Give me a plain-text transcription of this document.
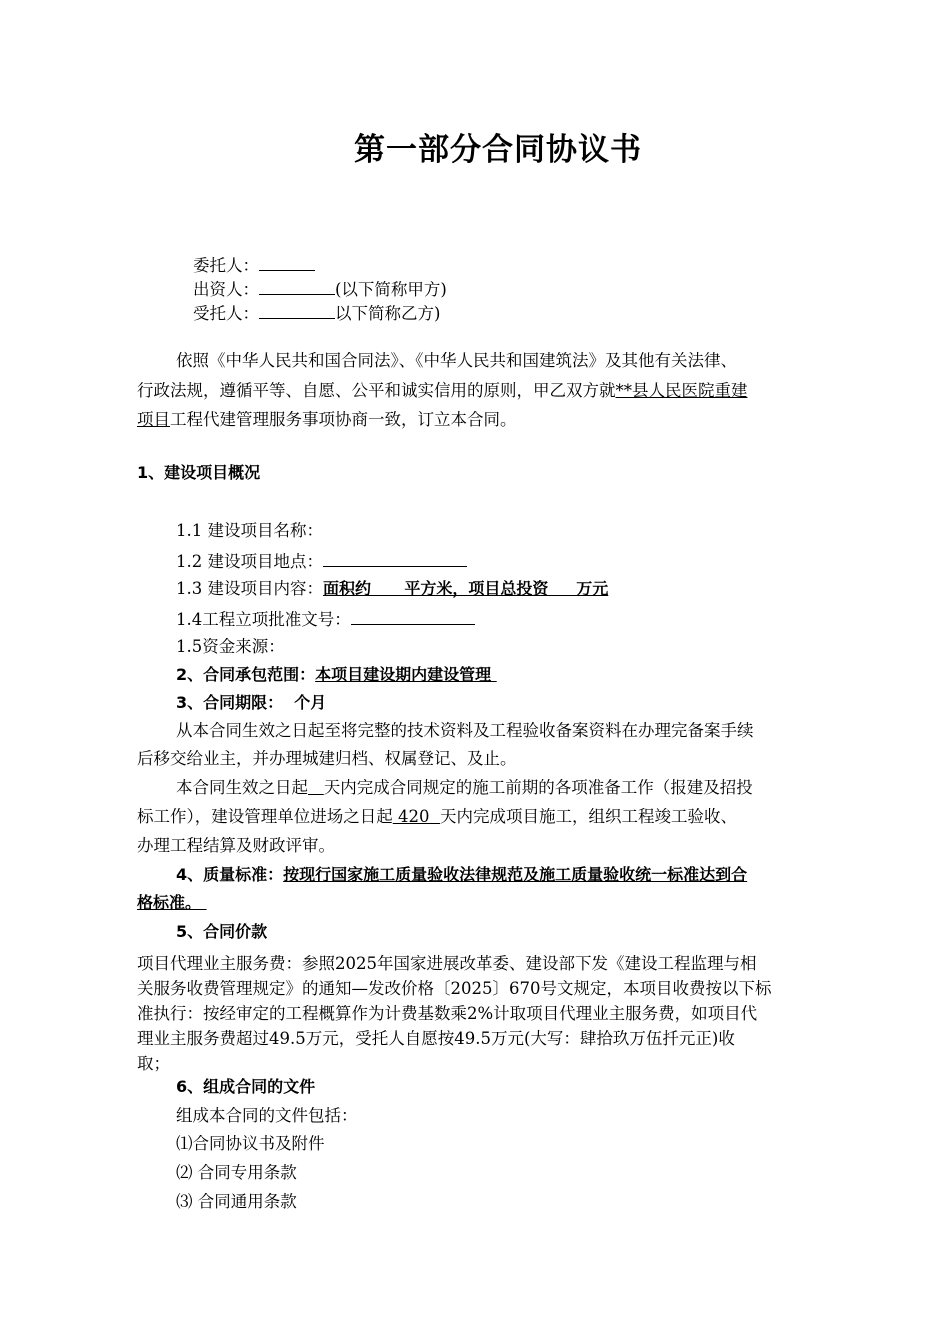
第一部分合同协议书
委托人：
出资人：	(以下简称甲方)
受托人：	以下简称乙方)
依照《中华人民共和国合同法》、《中华人民共和国建筑法》及其他有关法律、
行政法规，遵循平等、自愿、公平和诚实信用的原则，甲乙双方就**县人民医院重建
项目工程代建管理服务事项协商一致，订立本合同。
1、建设项目概况
1.1 建设项目名称：
1.2 建设项目地点：
1.3 建设项目内容：面积约      平方米，项目总投资     万元
1.4工程立项批准文号：
1.5资金来源：
2、合同承包范围：本项目建设期内建设管理
3、合同期限：  个月
从本合同生效之日起至将完整的技术资料及工程验收备案资料在办理完备案手续
后移交给业主，并办理城建归档、权属登记、及止。
本合同生效之日起 天内完成合同规定的施工前期的各项准备工作（报建及招投
标工作），建设管理单位进场之日起 420  天内完成项目施工，组织工程竣工验收、
办理工程结算及财政评审。
4、质量标准：按现行国家施工质量验收法律规范及施工质量验收统一标准达到合
格标准。
5、合同价款
项目代理业主服务费：参照2025年国家进展改革委、建设部下发《建设工程监理与相
关服务收费管理规定》的通知—发改价格〔2025〕670号文规定，本项目收费按以下标
准执行：按经审定的工程概算作为计费基数乘2%计取项目代理业主服务费，如项目代
理业主服务费超过49.5万元，受托人自愿按49.5万元(大写：肆拾玖万伍扦元正)收
取；
6、组成合同的文件
组成本合同的文件包括：
⑴合同协议书及附件
⑵ 合同专用条款
⑶ 合同通用条款
